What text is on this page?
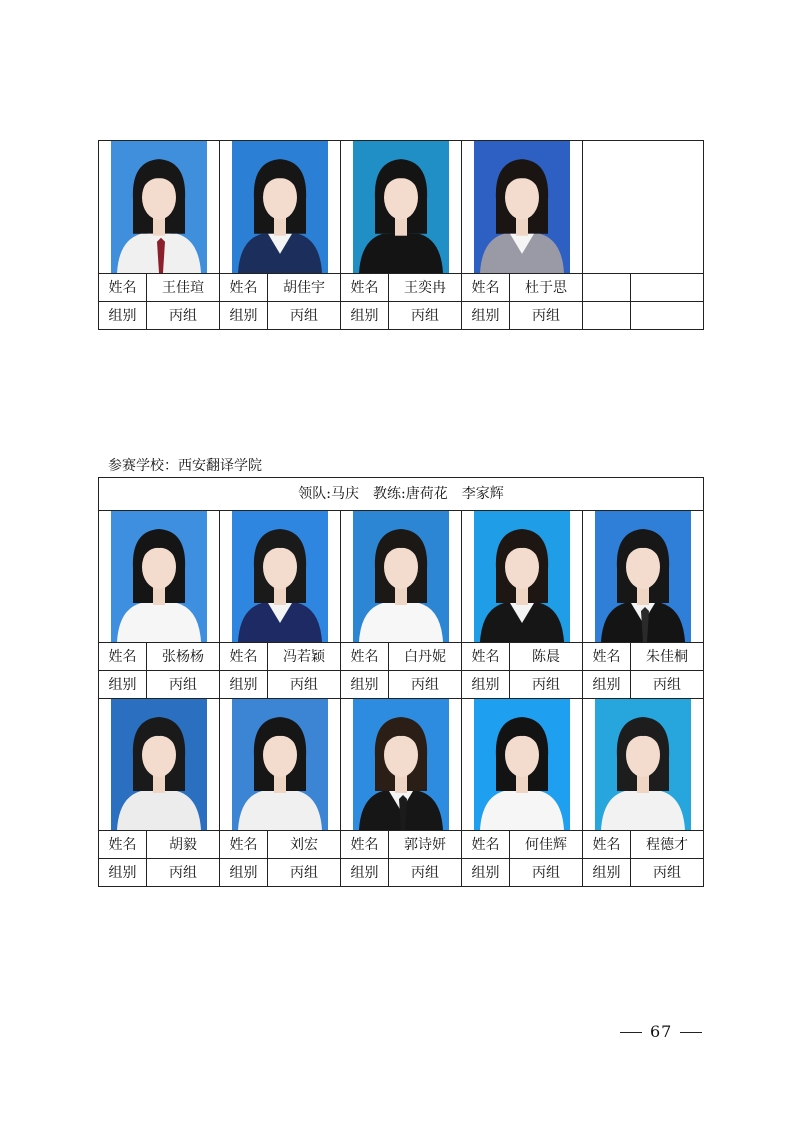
姓名	王佳瑄	姓名	胡佳宇	姓名	王奕冉	姓名	杜于思		
组别	丙组	组别	丙组	组别	丙组	组别	丙组		
参赛学校：西安翻译学院
领队:马庆　教练:唐荷花　李家辉									

姓名	张杨杨	姓名	冯若颖	姓名	白丹妮	姓名	陈晨	姓名	朱佳桐
组别	丙组	组别	丙组	组别	丙组	组别	丙组	组别	丙组

姓名	胡毅	姓名	刘宏	姓名	郭诗妍	姓名	何佳辉	姓名	程德才
组别	丙组	组别	丙组	组别	丙组	组别	丙组	组别	丙组
67
